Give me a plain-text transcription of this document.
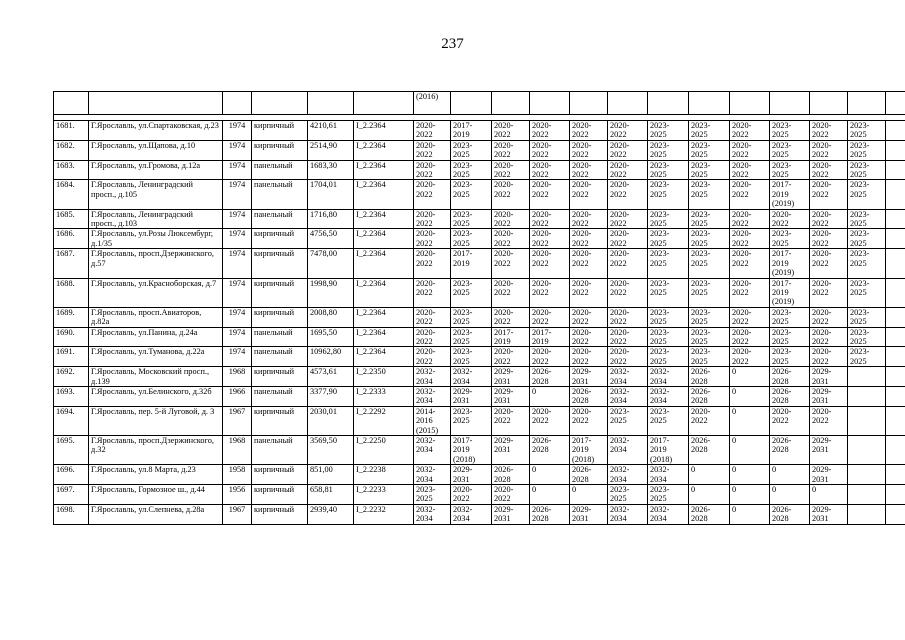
237
						(2016)												

1681.	Г.Ярославль, ул.Спартаковская, д.23	1974	кирпичный	4210,61	I_2.2364	2020- 2022	2017- 2019	2020- 2022	2020- 2022	2020- 2022	2020- 2022	2023- 2025	2023- 2025	2020- 2022	2023- 2025	2020- 2022	2023- 2025	
1682.	Г.Ярославль, ул.Щапова, д.10	1974	кирпичный	2514,90	I_2.2364	2020- 2022	2023- 2025	2020- 2022	2020- 2022	2020- 2022	2020- 2022	2023- 2025	2023- 2025	2020- 2022	2023- 2025	2020- 2022	2023- 2025	
1683.	Г.Ярославль, ул.Громова, д.12а	1974	панельный	1683,30	I_2.2364	2020- 2022	2023- 2025	2020- 2022	2020- 2022	2020- 2022	2020- 2022	2023- 2025	2023- 2025	2020- 2022	2023- 2025	2020- 2022	2023- 2025	
1684.	Г.Ярославль, Ленинградский просп., д.105	1974	панельный	1704,01	I_2.2364	2020- 2022	2023- 2025	2020- 2022	2020- 2022	2020- 2022	2020- 2022	2023- 2025	2023- 2025	2020- 2022	2017- 2019 (2019)	2020- 2022	2023- 2025	
1685.	Г.Ярославль, Ленинградский просп., д.103	1974	панельный	1716,80	I_2.2364	2020- 2022	2023- 2025	2020- 2022	2020- 2022	2020- 2022	2020- 2022	2023- 2025	2023- 2025	2020- 2022	2020- 2022	2020- 2022	2023- 2025	
1686.	Г.Ярославль, ул.Розы Люксембург, д.1/35	1974	кирпичный	4756,50	I_2.2364	2020- 2022	2023- 2025	2020- 2022	2020- 2022	2020- 2022	2020- 2022	2023- 2025	2023- 2025	2020- 2022	2023- 2025	2020- 2022	2023- 2025	
1687.	Г.Ярославль, просп.Дзержинского, д.57	1974	кирпичный	7478,00	I_2.2364	2020- 2022	2017- 2019	2020- 2022	2020- 2022	2020- 2022	2020- 2022	2023- 2025	2023- 2025	2020- 2022	2017- 2019 (2019)	2020- 2022	2023- 2025	
1688.	Г.Ярославль, ул.Красноборская, д.7	1974	кирпичный	1998,90	I_2.2364	2020- 2022	2023- 2025	2020- 2022	2020- 2022	2020- 2022	2020- 2022	2023- 2025	2023- 2025	2020- 2022	2017- 2019 (2019)	2020- 2022	2023- 2025	
1689.	Г.Ярославль, просп.Авиаторов, д.82а	1974	кирпичный	2008,80	I_2.2364	2020- 2022	2023- 2025	2020- 2022	2020- 2022	2020- 2022	2020- 2022	2023- 2025	2023- 2025	2020- 2022	2023- 2025	2020- 2022	2023- 2025	
1690.	Г.Ярославль, ул.Панина, д.24а	1974	панельный	1695,50	I_2.2364	2020- 2022	2023- 2025	2017- 2019	2017- 2019	2020- 2022	2020- 2022	2023- 2025	2023- 2025	2020- 2022	2023- 2025	2020- 2022	2023- 2025	
1691.	Г.Ярославль, ул.Туманова, д.22а	1974	панельный	10962,80	I_2.2364	2020- 2022	2023- 2025	2020- 2022	2020- 2022	2020- 2022	2020- 2022	2023- 2025	2023- 2025	2020- 2022	2023- 2025	2020- 2022	2023- 2025	
1692.	Г.Ярославль, Московский просп., д.139	1968	кирпичный	4573,61	I_2.2350	2032- 2034	2032- 2034	2029- 2031	2026- 2028	2029- 2031	2032- 2034	2032- 2034	2026- 2028	0	2026- 2028	2029- 2031		
1693.	Г.Ярославль, ул.Белинского, д.32б	1966	панельный	3377,90	I_2.2333	2032- 2034	2029- 2031	2029- 2031	0	2026- 2028	2032- 2034	2032- 2034	2026- 2028	0	2026- 2028	2029- 2031		
1694.	Г.Ярославль, пер. 5-й Луговой, д. 3	1967	кирпичный	2030,01	I_2.2292	2014- 2016 (2015)	2023- 2025	2020- 2022	2020- 2022	2020- 2022	2023- 2025	2023- 2025	2020- 2022	0	2020- 2022	2020- 2022		
1695.	Г.Ярославль, просп.Дзержинского, д.32	1968	панельный	3569,50	I_2.2250	2032- 2034	2017- 2019 (2018)	2029- 2031	2026- 2028	2017- 2019 (2018)	2032- 2034	2017- 2019 (2018)	2026- 2028	0	2026- 2028	2029- 2031		
1696.	Г.Ярославль, ул.8 Марта, д.23	1958	кирпичный	851,00	I_2.2238	2032- 2034	2029- 2031	2026- 2028	0	2026- 2028	2032- 2034	2032- 2034	0	0	0	2029- 2031		
1697.	Г.Ярославль, Гормозное ш., д.44	1956	кирпичный	658,81	I_2.2233	2023- 2025	2020- 2022	2020- 2022	0	0	2023- 2025	2023- 2025	0	0	0	0		
1698.	Г.Ярославль, ул.Слепнева, д.28а	1967	кирпичный	2939,40	I_2.2232	2032- 2034	2032- 2034	2029- 2031	2026- 2028	2029- 2031	2032- 2034	2032- 2034	2026- 2028	0	2026- 2028	2029- 2031		
